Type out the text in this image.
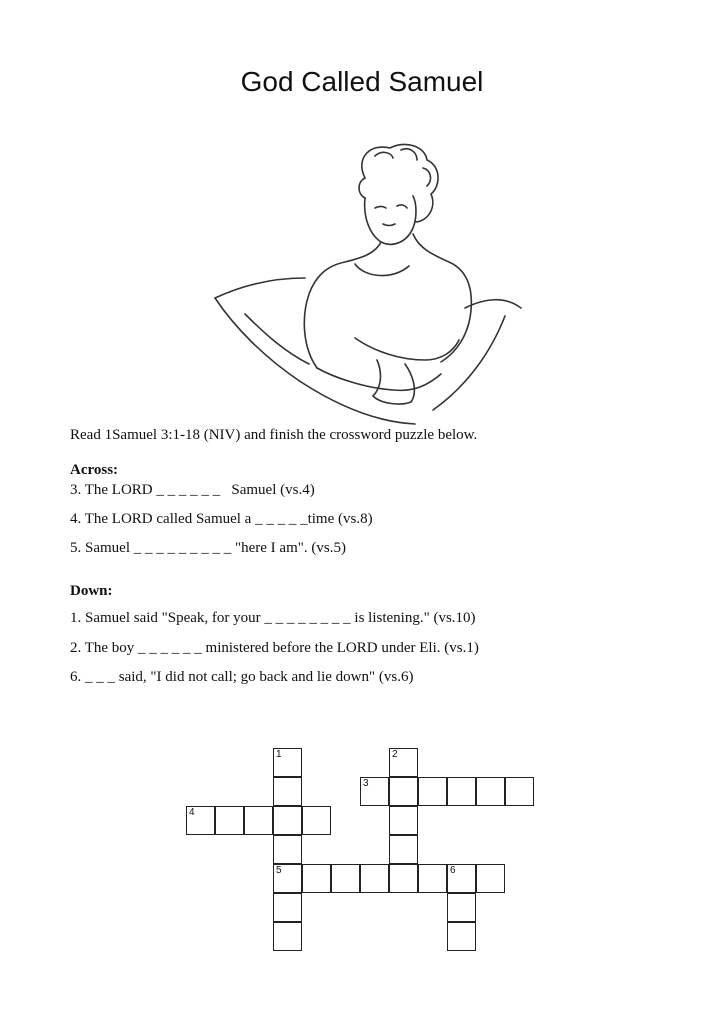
God Called Samuel
Read 1Samuel 3:1-18 (NIV) and finish the crossword puzzle below.
Across:
3. The LORD _ _ _ _ _ _   Samuel (vs.4)
4. The LORD called Samuel a _ _ _ _ _time (vs.8)
5. Samuel _ _ _ _ _ _ _ _ _ "here I am". (vs.5)
Down:
1. Samuel said "Speak, for your _ _ _ _ _ _ _ _ is listening." (vs.10)
2. The boy _ _ _ _ _ _ ministered before the LORD under Eli. (vs.1)
6. _ _ _ said, "I did not call; go back and lie down" (vs.6)
1
5
4
2
3
6
